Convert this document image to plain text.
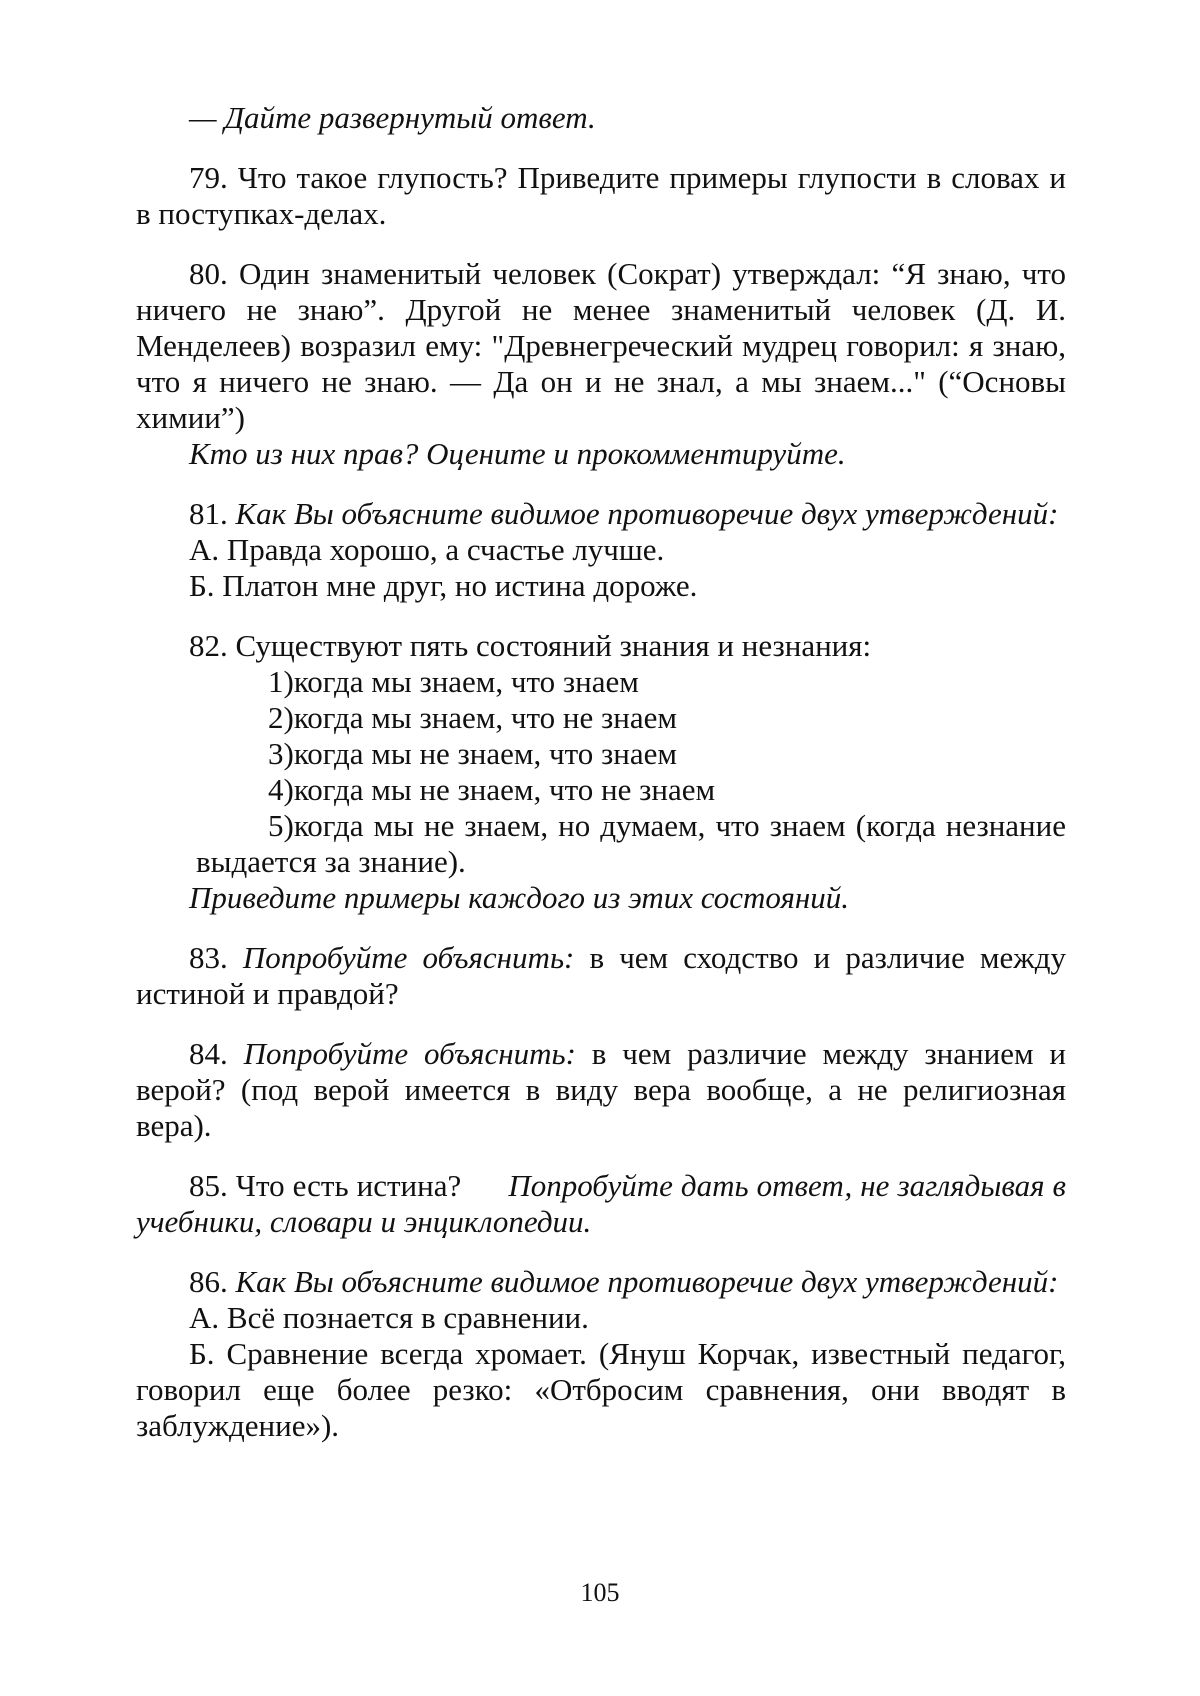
— Дайте развернутый ответ.

79. Что такое глупость? Приведите примеры глупости в словах и в поступках-делах.

80. Один знаменитый человек (Сократ) утверждал: “Я знаю, что ничего не знаю”. Другой не менее знаменитый человек (Д. И. Менделеев) возразил ему: "Древнегреческий мудрец говорил: я знаю, что я ничего не знаю. — Да он и не знал, а мы знаем..." (“Основы химии”)

Кто из них прав? Оцените и прокомментируйте.

81. Как Вы объясните видимое противоречие двух утверждений:

А. Правда хорошо, а счастье лучше.

Б. Платон мне друг, но истина дороже.

82. Существуют пять состояний знания и незнания:

1)когда мы знаем, что знаем

2)когда мы знаем, что не знаем

3)когда мы не знаем, что знаем

4)когда мы не знаем, что не знаем

5)когда мы не знаем, но думаем, что знаем (когда незнание выдается за знание).

Приведите примеры каждого из этих состояний.

83. Попробуйте объяснить: в чем сходство и различие между истиной и правдой?

84. Попробуйте объяснить: в чем различие между знанием и верой? (под верой имеется в виду вера вообще, а не религиозная вера).

85. Что есть истина?   Попробуйте дать ответ, не заглядывая в учебники, словари и энциклопедии.

86. Как Вы объясните видимое противоречие двух утверждений:

А. Всё познается в сравнении.

Б. Сравнение всегда хромает. (Януш Корчак, известный педагог, говорил еще более резко: «Отбросим сравнения, они вводят в заблуждение»).

105
